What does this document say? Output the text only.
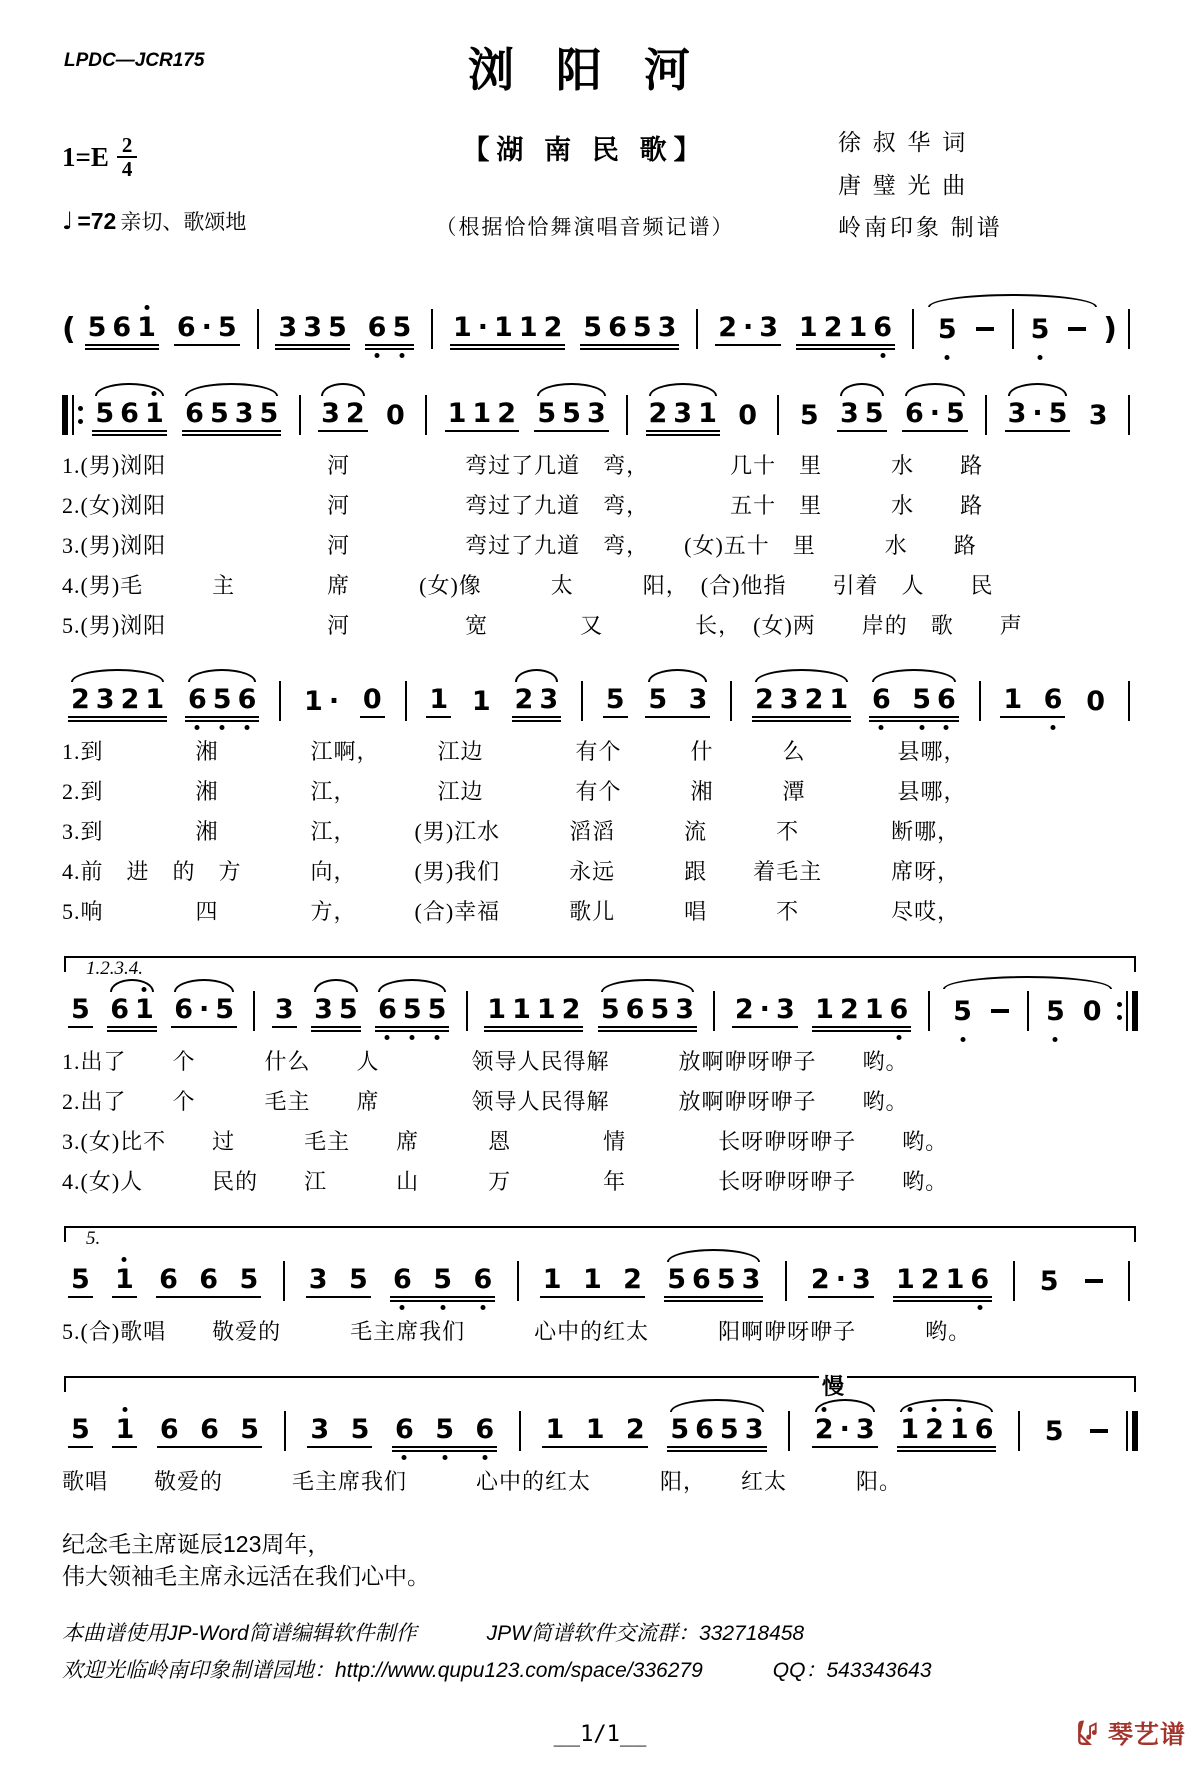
LPDC—JCR175	浏阳河
$1=E \frac{2}{4}$
♩ =72 亲切、歌颂地
【湖 南 民 歌】
（根据恰恰舞演唱音频记谱）
徐 叔 华 词
唐 璧 光 曲
岭南印象 制谱
( 5 6 1 6 · 5 3 3 5 6 5 1 · 1 1 2 5 6 5 3 2 · 3 1 2 1 6 5	5 )
5 6 1 6 5 3 5 3 2 0 1 1 2 5 5 3 2 3 1 0 5 3 5 6 · 5 3 · 5 3
1.(男)浏阳　　　　　　　河　　　　　弯过了几道　弯，　　　　几十　里　　　水　　路
2.(女)浏阳　　　　　　　河　　　　　弯过了九道　弯，　　　　五十　里　　　水　　路
3.(男)浏阳　　　　　　　河　　　　　弯过了九道　弯，　　(女)五十　里　　　水　　路
4.(男)毛　　　主　　　　席　　　(女)像　　　太　　　阳，　(合)他指　　引着　人　　民
5.(男)浏阳　　　　　　　河　　　　　宽　　　　又　　　　长，　(女)两　　岸的　歌　　声
2 3 2 1 6 5 6 1 · 0 1 1 2 3 5 5
3 2 3 2 1 6
5 6 1
6 0
1.到　　　　湘　　　　江啊，　　　江边　　　　有个　　　什　　　么　　　　县哪，
2.到　　　　湘　　　　江，　　　　江边　　　　有个　　　湘　　　潭　　　　县哪，
3.到　　　　湘　　　　江，　　　(男)江水　　　滔滔　　　流　　　不　　　　断哪，
4.前　进　的　方　　　向，　　　(男)我们　　　永远　　　跟　　着毛主　　　席呀，
5.响　　　　四　　　　方，　　　(合)幸福　　　歌儿　　　唱　　　不　　　　尽哎，
1.2.3.4.
5 6 1 6 · 5 3 3 5 6 5 5 1 1 1 2 5 6 5 3 2 · 3 1 2 1 6 5	5 0
1.出了　　个　　　什么　　人　　　　领导人民得解　　　放啊咿呀咿子　　哟。
2.出了　　个　　　毛主　　席　　　　领导人民得解　　　放啊咿呀咿子　　哟。
3.(女)比不　　过　　　毛主　　席　　　恩　　　　情　　　　长呀咿呀咿子　　哟。
4.(女)人　　　民的　　江　　　山　　　万　　　　年　　　　长呀咿呀咿子　　哟。
5.
5 1 6
6
5 3
5 6
5
6 1
1
2 5 6 5 3 2 · 3 1 2 1 6 5
5.(合)歌唱　　敬爱的　　　毛主席我们　　　心中的红太　　　阳啊咿呀咿子　　　哟。
慢
5 1 6
6
5 3
5 6
5
6 1
1
2 5 6 5 3 2 · 3 1 2 1 6 5
歌唱　　敬爱的　　　毛主席我们　　　心中的红太　　　阳，　　红太　　　阳。
纪念毛主席诞辰123周年，
伟大领袖毛主席永远活在我们心中。
本曲谱使用JP-Word简谱编辑软件制作	JPW简谱软件交流群：332718458
欢迎光临岭南印象制谱园地：http://www.qupu123.com/space/336279	QQ：543343643
__1/1__	琴艺谱
